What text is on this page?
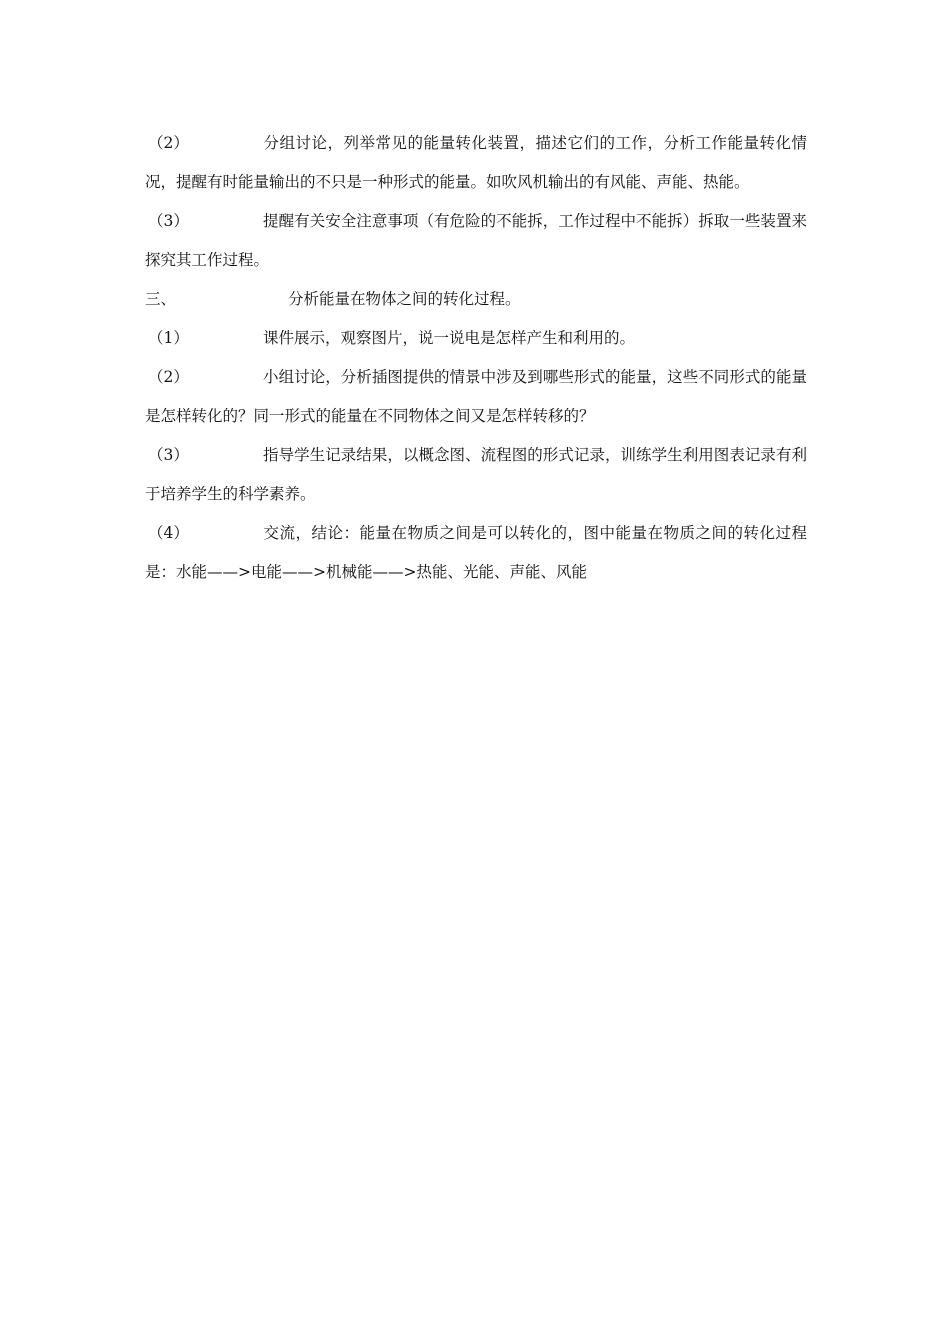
（2）	分组讨论，列举常见的能量转化装置，描述它们的工作，分析工作能量转化情况，提醒有时能量输出的不只是一种形式的能量。如吹风机输出的有风能、声能、热能。

（3）	提醒有关安全注意事项（有危险的不能拆，工作过程中不能拆）拆取一些装置来探究其工作过程。

三、	分析能量在物体之间的转化过程。

（1）	课件展示，观察图片，说一说电是怎样产生和利用的。

（2）	小组讨论，分析插图提供的情景中涉及到哪些形式的能量，这些不同形式的能量是怎样转化的？同一形式的能量在不同物体之间又是怎样转移的？

（3）	指导学生记录结果，以概念图、流程图的形式记录，训练学生利用图表记录有利于培养学生的科学素养。

（4）	交流，结论：能量在物质之间是可以转化的，图中能量在物质之间的转化过程是：水能——>电能——>机械能——>热能、光能、声能、风能
